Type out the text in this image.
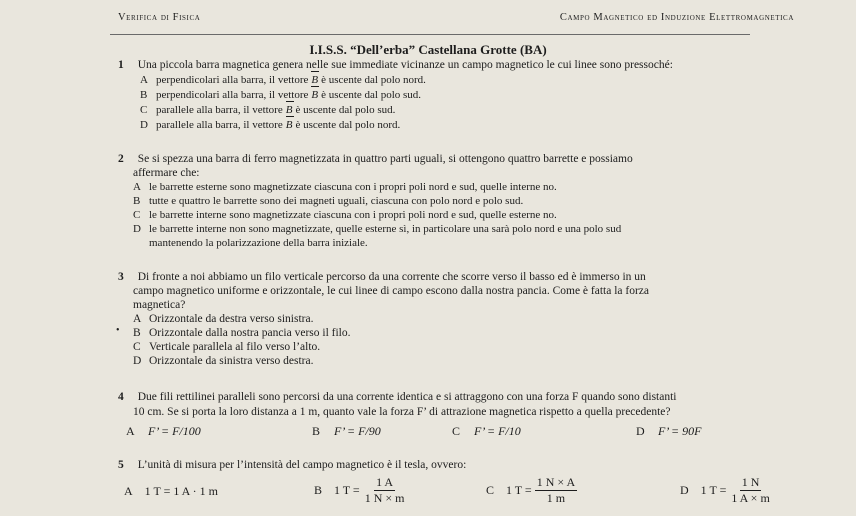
Verifica di Fisica	Campo Magnetico ed Induzione Elettromagnetica
I.I.S.S. “Dell’erba” Castellana Grotte (BA)
1 Una piccola barra magnetica genera nelle sue immediate vicinanze un campo magnetico le cui linee sono pressoché:
A perpendicolari alla barra, il vettore B è uscente dal polo nord.
B perpendicolari alla barra, il vettore B è uscente dal polo sud.
C parallele alla barra, il vettore B è uscente dal polo sud.
D parallele alla barra, il vettore B è uscente dal polo nord.
2 Se si spezza una barra di ferro magnetizzata in quattro parti uguali, si ottengono quattro barrette e possiamo
affermare che:
A le barrette esterne sono magnetizzate ciascuna con i propri poli nord e sud, quelle interne no.
B tutte e quattro le barrette sono dei magneti uguali, ciascuna con polo nord e polo sud.
C le barrette interne sono magnetizzate ciascuna con i propri poli nord e sud, quelle esterne no.
D le barrette interne non sono magnetizzate, quelle esterne sì, in particolare una sarà polo nord e una polo sud
mantenendo la polarizzazione della barra iniziale.
3 Di fronte a noi abbiamo un filo verticale percorso da una corrente che scorre verso il basso ed è immerso in un
campo magnetico uniforme e orizzontale, le cui linee di campo escono dalla nostra pancia. Come è fatta la forza
magnetica?
A Orizzontale da destra verso sinistra.
• B Orizzontale dalla nostra pancia verso il filo.
C Verticale parallela al filo verso l’alto.
D Orizzontale da sinistra verso destra.
4 Due fili rettilinei paralleli sono percorsi da una corrente identica e si attraggono con una forza F quando sono distanti
10 cm. Se si porta la loro distanza a 1 m, quanto vale la forza F’ di attrazione magnetica rispetto a quella precedente?
A F’ = F/100	B F’ = F/90	C F’ = F/10	D F’ = 90F
5 L’unità di misura per l’intensità del campo magnetico è il tesla, ovvero:
A 1 T = 1 A · 1 m	B 1 $T = \frac{1 A}{1 N \times m}$	C 1 $T = \frac{1 N \times A}{1 m}$	D 1 $T = \frac{1 N}{1 A \times m}$
